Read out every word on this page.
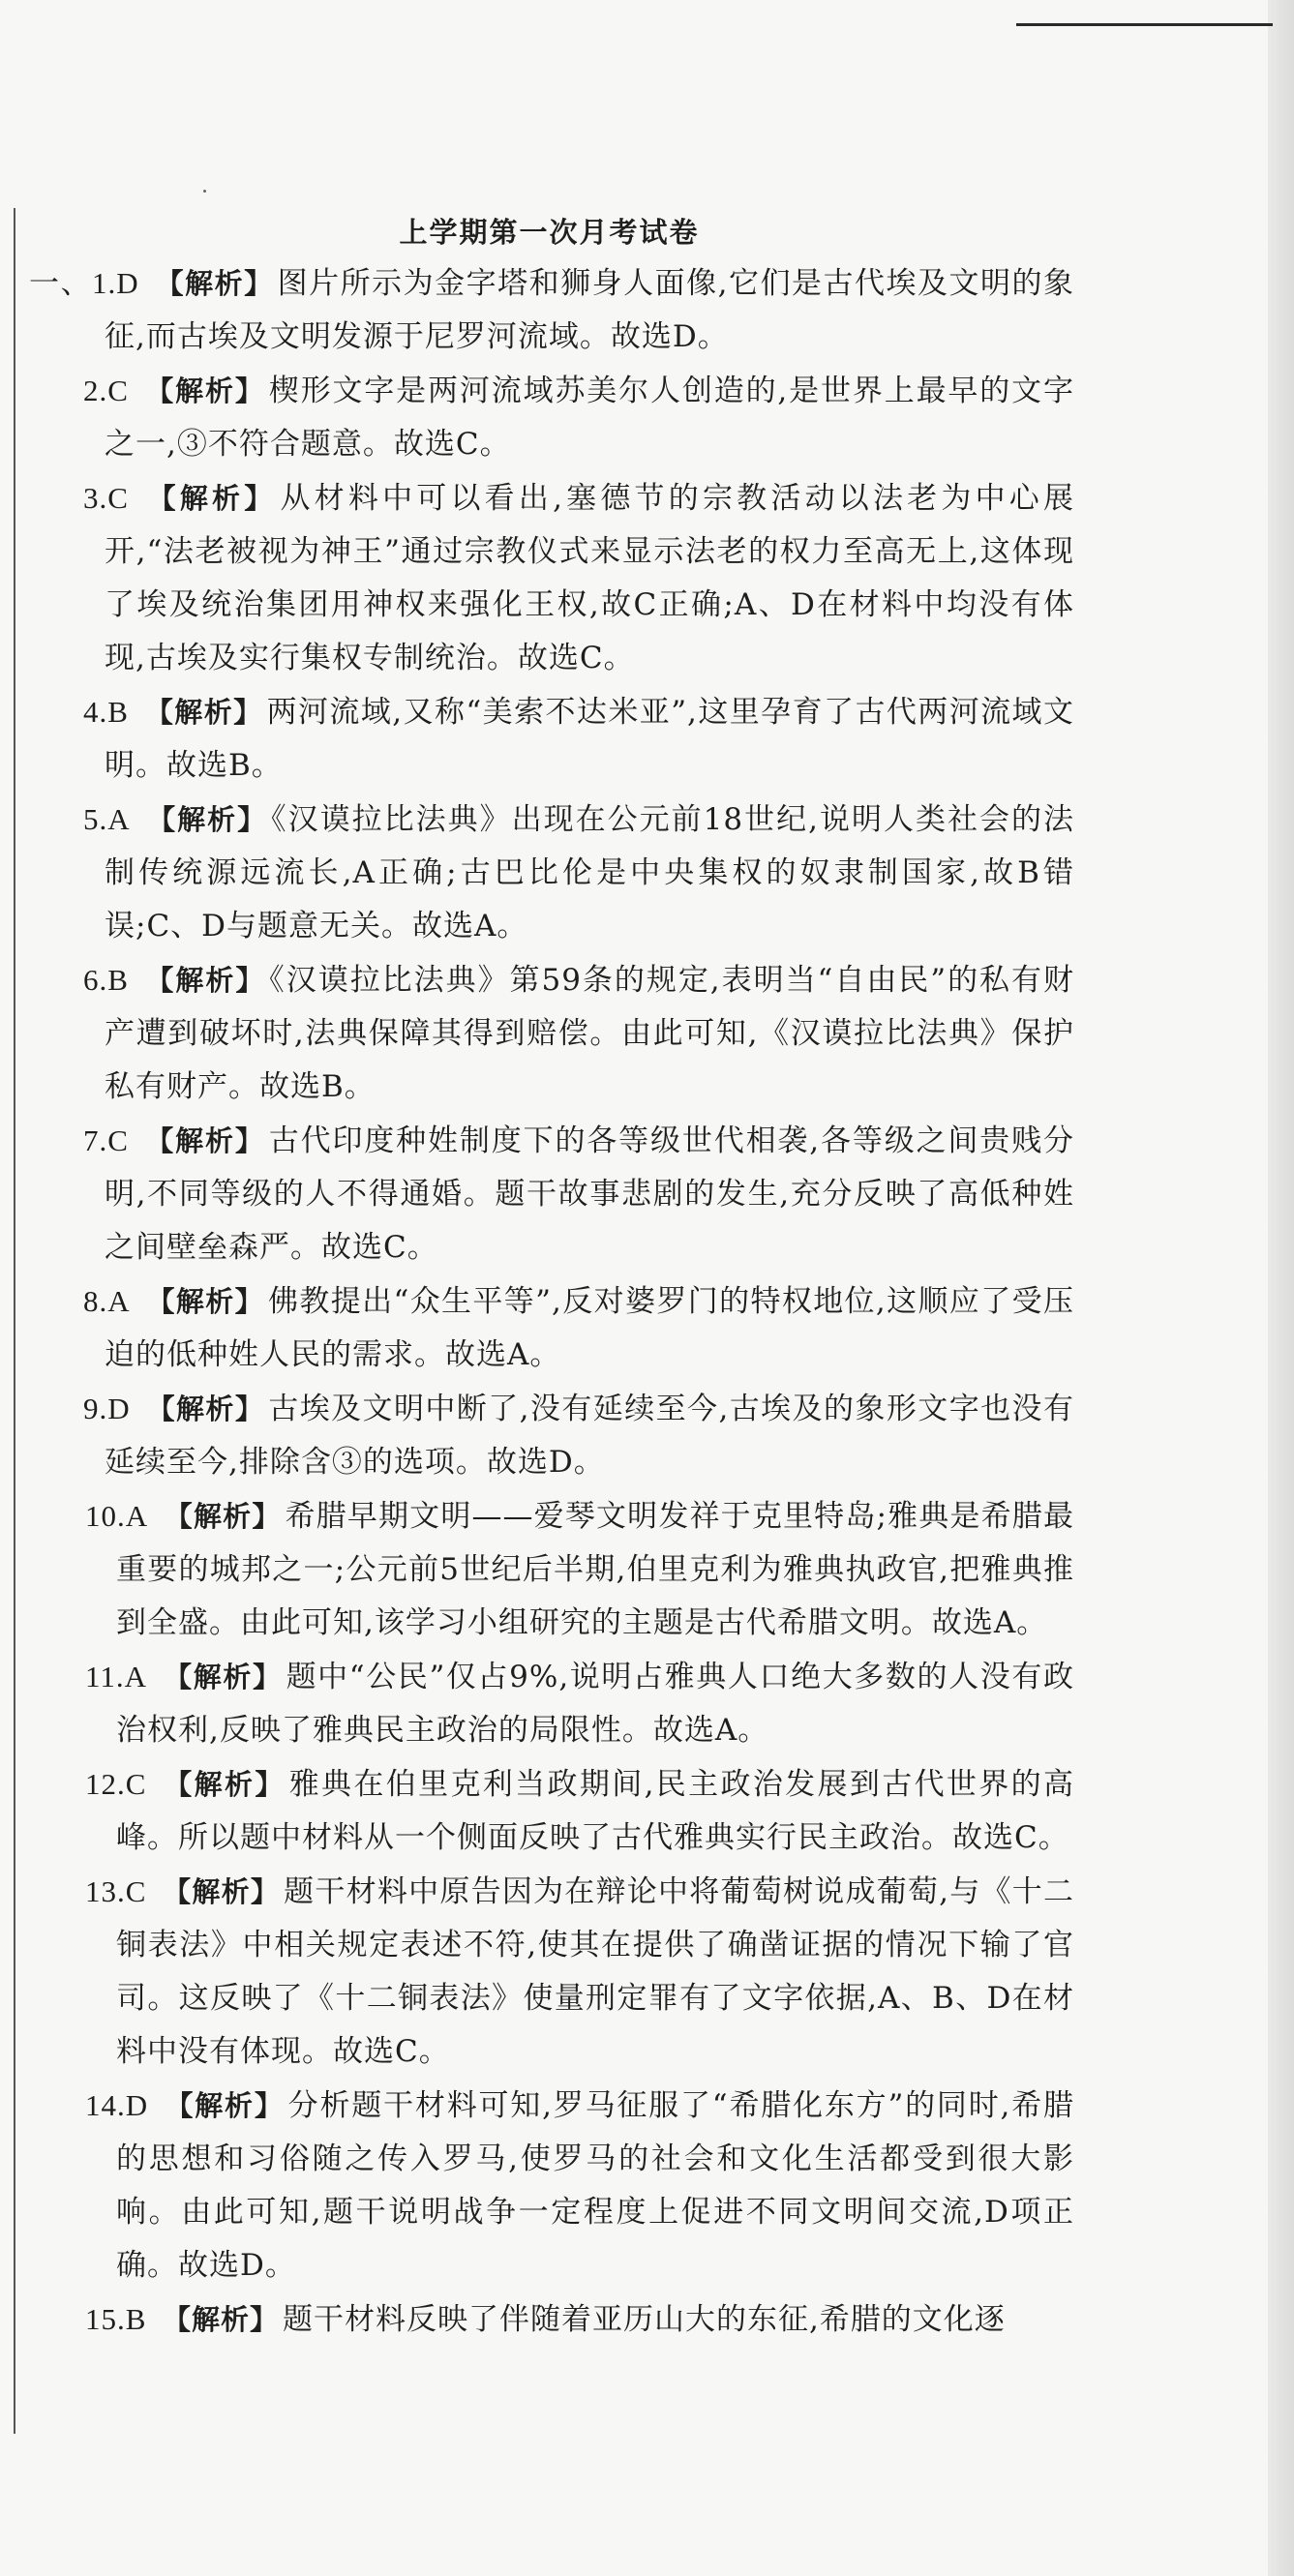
上学期第一次月考试卷
一、1.D  【解析】 图片所示为金字塔和狮身人面像,它们是古代埃及文明的象征,而古埃及文明发源于尼罗河流域。故选D。
2.C  【解析】 楔形文字是两河流域苏美尔人创造的,是世界上最早的文字之一,③不符合题意。故选C。
3.C  【解析】 从材料中可以看出,塞德节的宗教活动以法老为中心展开,“法老被视为神王”通过宗教仪式来显示法老的权力至高无上,这体现了埃及统治集团用神权来强化王权,故C正确;A、D在材料中均没有体现,古埃及实行集权专制统治。故选C。
4.B  【解析】 两河流域,又称“美索不达米亚”,这里孕育了古代两河流域文明。故选B。
5.A  【解析】 《汉谟拉比法典》出现在公元前18世纪,说明人类社会的法制传统源远流长,A正确;古巴比伦是中央集权的奴隶制国家,故B错误;C、D与题意无关。故选A。
6.B  【解析】 《汉谟拉比法典》第59条的规定,表明当“自由民”的私有财产遭到破坏时,法典保障其得到赔偿。由此可知,《汉谟拉比法典》保护私有财产。故选B。
7.C  【解析】 古代印度种姓制度下的各等级世代相袭,各等级之间贵贱分明,不同等级的人不得通婚。题干故事悲剧的发生,充分反映了高低种姓之间壁垒森严。故选C。
8.A  【解析】 佛教提出“众生平等”,反对婆罗门的特权地位,这顺应了受压迫的低种姓人民的需求。故选A。
9.D  【解析】 古埃及文明中断了,没有延续至今,古埃及的象形文字也没有延续至今,排除含③的选项。故选D。
10.A  【解析】 希腊早期文明——爱琴文明发祥于克里特岛;雅典是希腊最重要的城邦之一;公元前5世纪后半期,伯里克利为雅典执政官,把雅典推到全盛。由此可知,该学习小组研究的主题是古代希腊文明。故选A。
11.A  【解析】 题中“公民”仅占9%,说明占雅典人口绝大多数的人没有政治权利,反映了雅典民主政治的局限性。故选A。
12.C  【解析】 雅典在伯里克利当政期间,民主政治发展到古代世界的高峰。所以题中材料从一个侧面反映了古代雅典实行民主政治。故选C。
13.C  【解析】 题干材料中原告因为在辩论中将葡萄树说成葡萄,与《十二铜表法》中相关规定表述不符,使其在提供了确凿证据的情况下输了官司。这反映了《十二铜表法》使量刑定罪有了文字依据,A、B、D在材料中没有体现。故选C。
14.D  【解析】 分析题干材料可知,罗马征服了“希腊化东方”的同时,希腊的思想和习俗随之传入罗马,使罗马的社会和文化生活都受到很大影响。由此可知,题干说明战争一定程度上促进不同文明间交流,D项正确。故选D。
15.B  【解析】 题干材料反映了伴随着亚历山大的东征,希腊的文化逐
